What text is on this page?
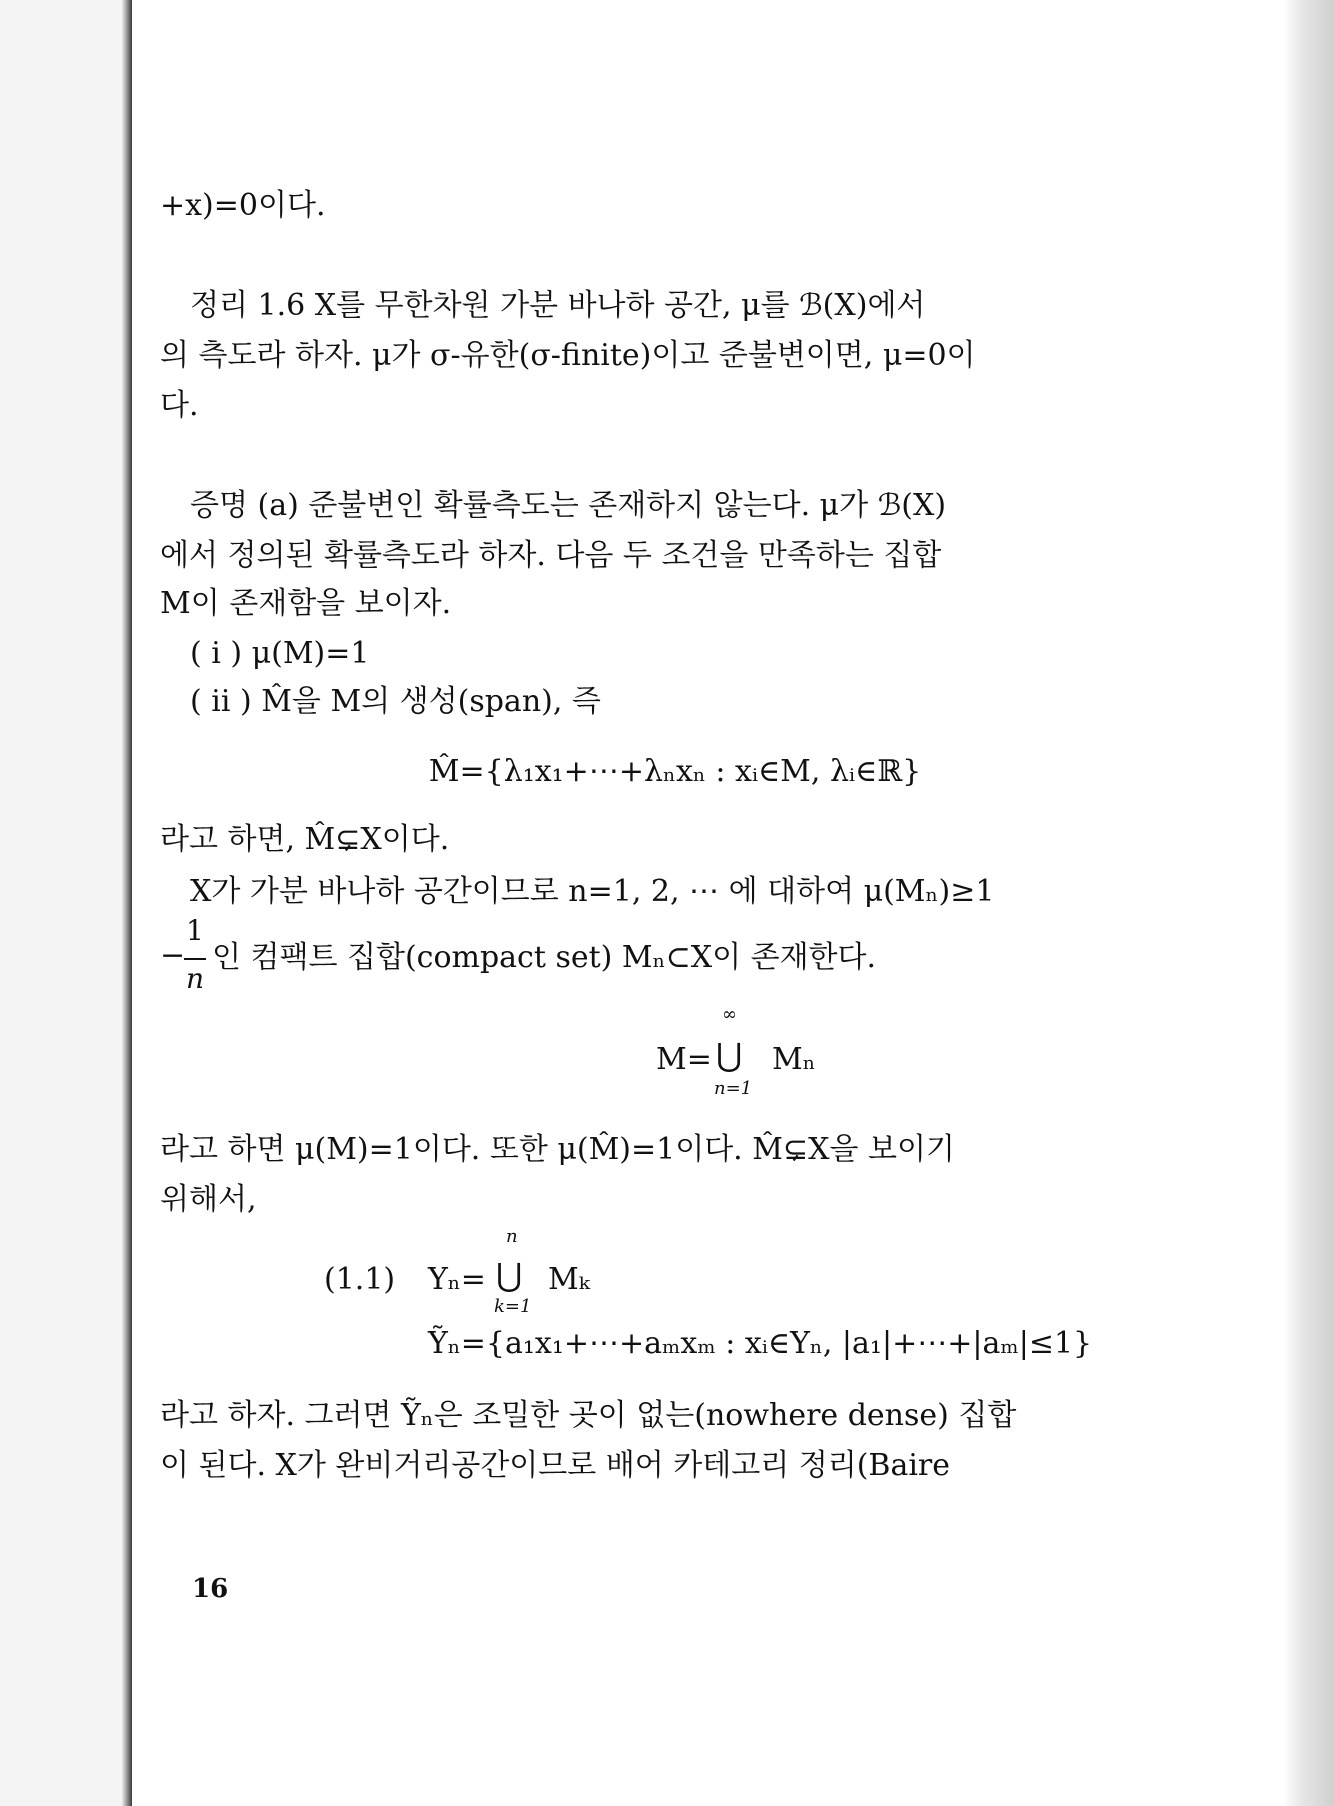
+x)=0이다.
정리 1.6 X를 무한차원 가분 바나하 공간, μ를 ℬ(X)에서
의 측도라 하자. μ가 σ-유한(σ-finite)이고 준불변이면, μ=0이
다.
증명 (a) 준불변인 확률측도는 존재하지 않는다. μ가 ℬ(X)
에서 정의된 확률측도라 하자. 다음 두 조건을 만족하는 집합
M이 존재함을 보이자.
( i ) μ(M)=1
( ii ) M̂을 M의 생성(span), 즉
M̂={λ₁x₁+⋯+λₙxₙ : xᵢ∈M, λᵢ∈ℝ}
라고 하면, M̂⊊X이다.
X가 가분 바나하 공간이므로 n=1, 2, ⋯ 에 대하여 μ(Mₙ)≥1
−
1
n
인 컴팩트 집합(compact set) Mₙ⊂X이 존재한다.
M=
∞
⋃
n=1
Mₙ
라고 하면 μ(M)=1이다. 또한 μ(M̂)=1이다. M̂⊊X을 보이기
위해서,
(1.1) Yₙ=
n
⋃
k=1
Mₖ
Ỹₙ={a₁x₁+⋯+aₘxₘ : xᵢ∈Yₙ, |a₁|+⋯+|aₘ|≤1}
라고 하자. 그러면 Ỹₙ은 조밀한 곳이 없는(nowhere dense) 집합
이 된다. X가 완비거리공간이므로 배어 카테고리 정리(Baire
16
